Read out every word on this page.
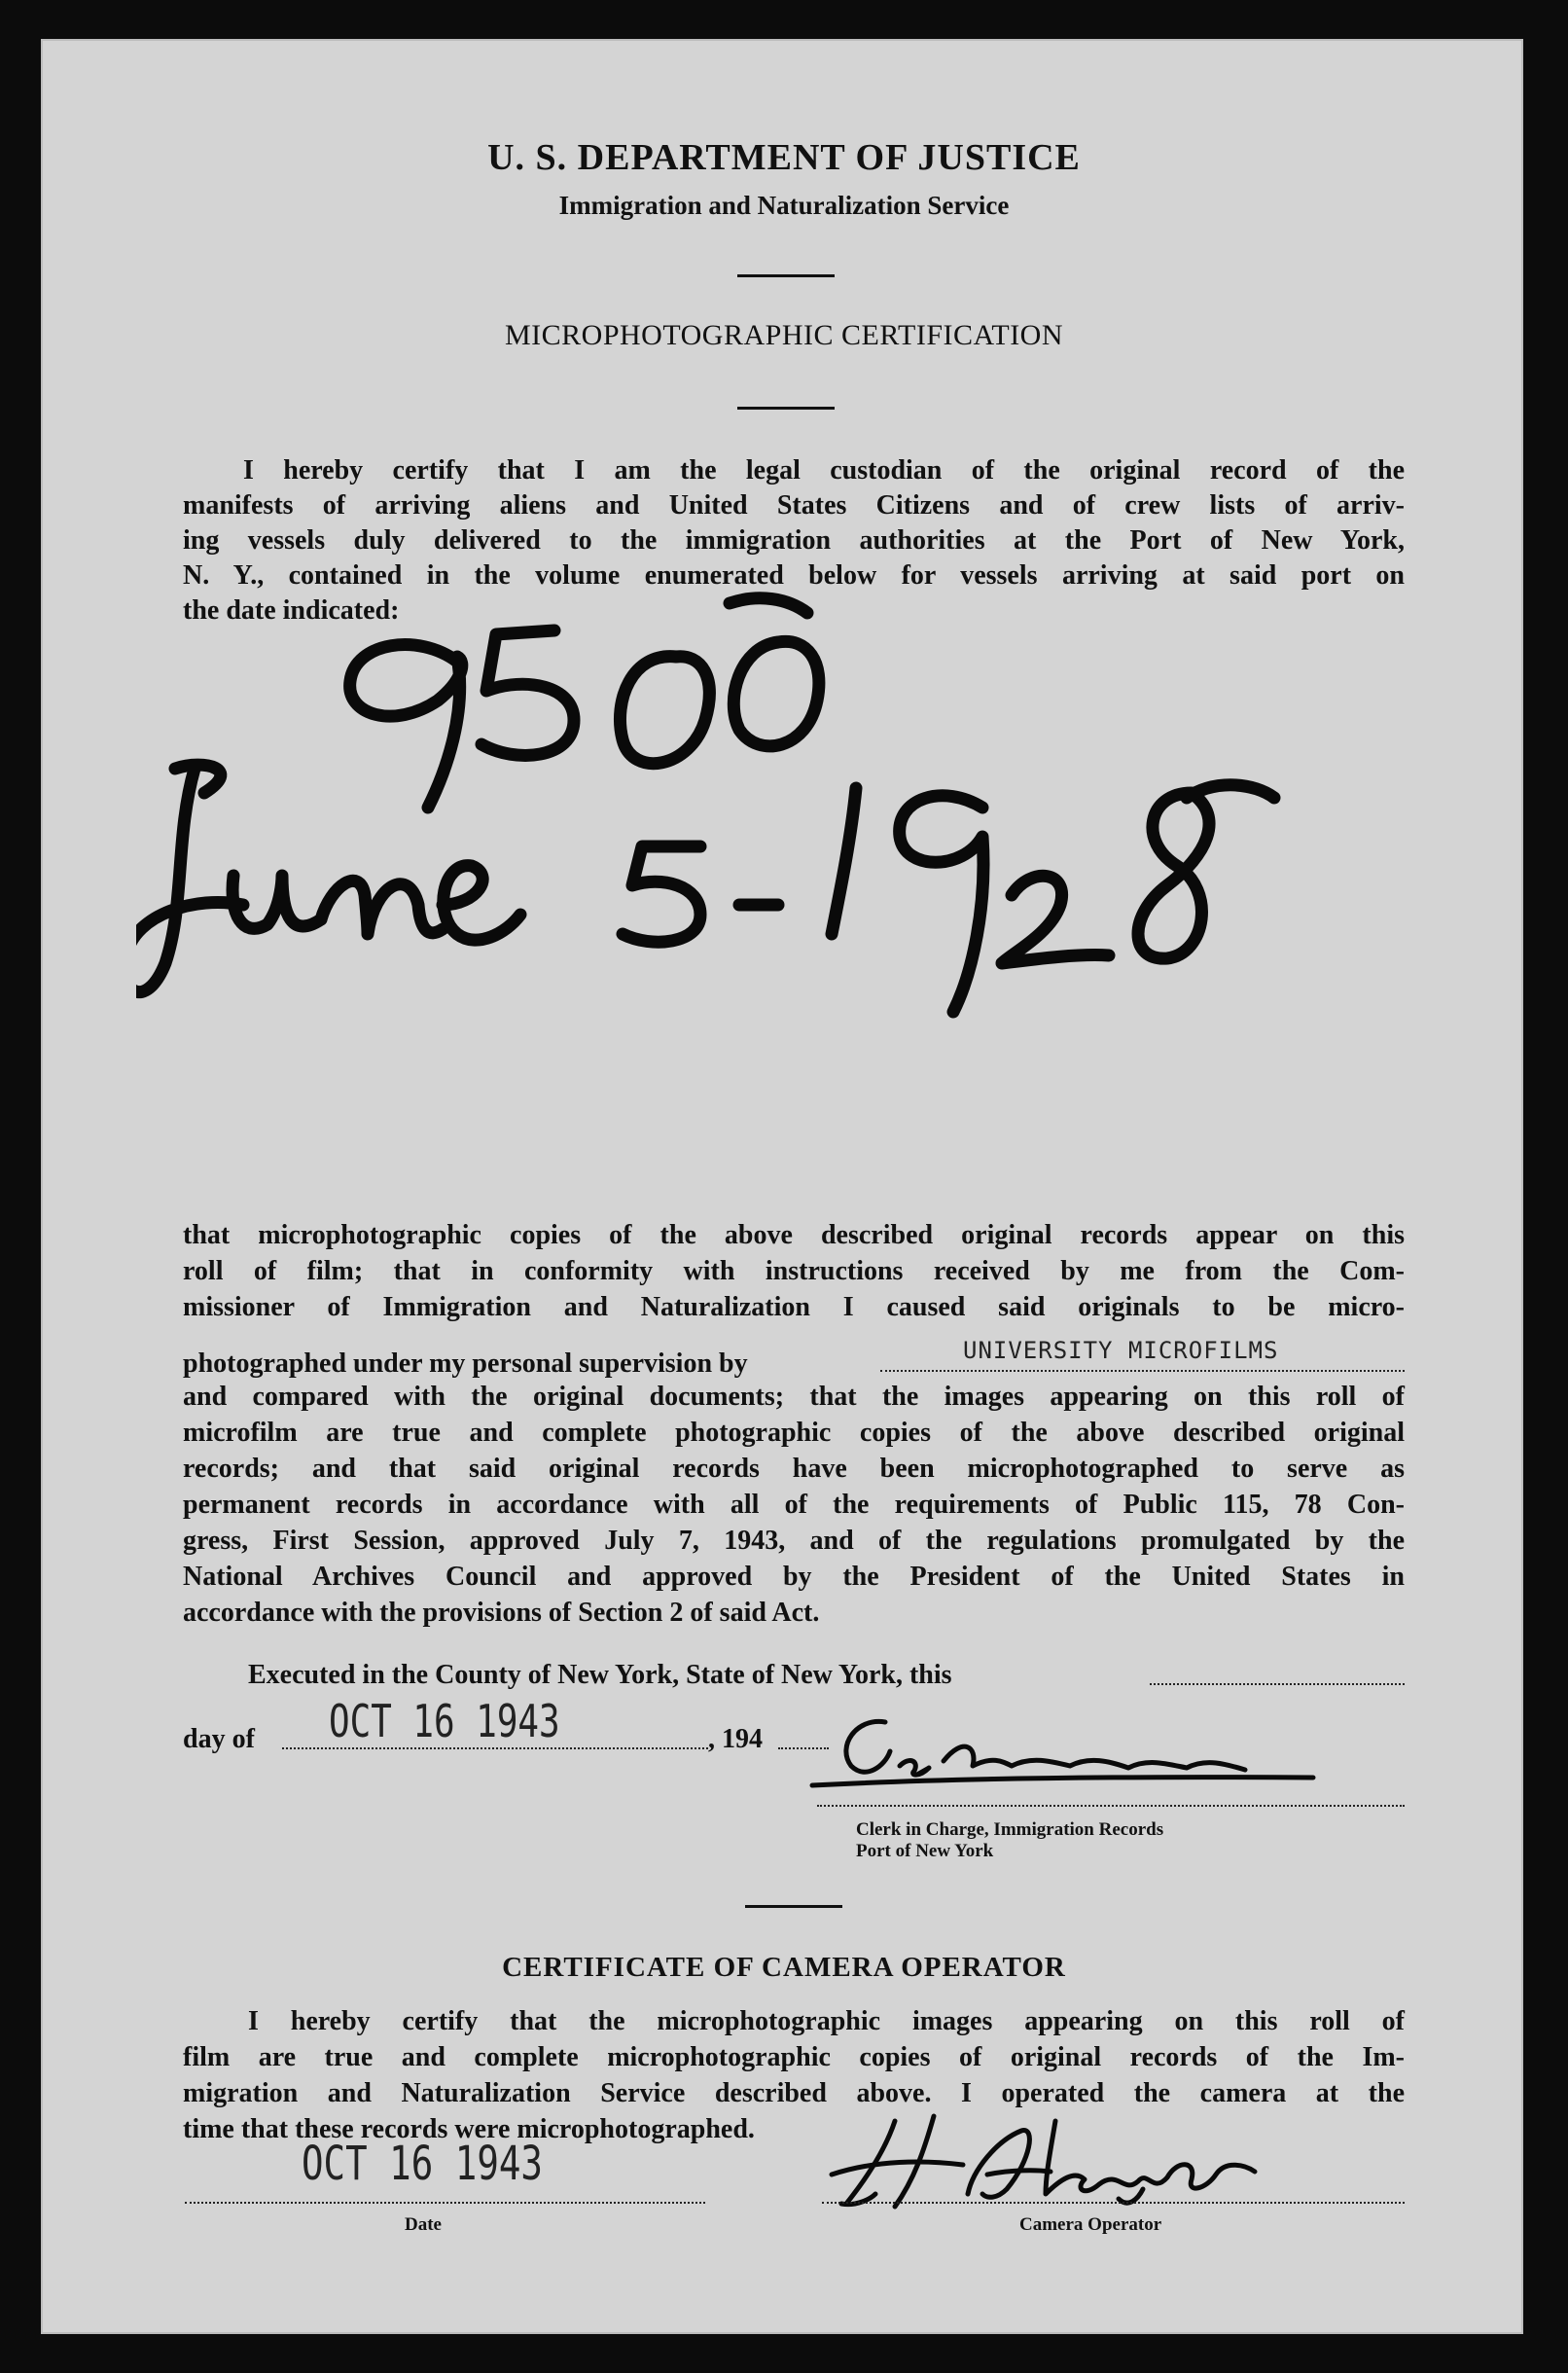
U. S. DEPARTMENT OF JUSTICE
Immigration and Naturalization Service
MICROPHOTOGRAPHIC CERTIFICATION
I hereby certify that I am the legal custodian of the original record of the
manifests of arriving aliens and United States Citizens and of crew lists of arriv-
ing vessels duly delivered to the immigration authorities at the Port of New York,
N. Y., contained in the volume enumerated below for vessels arriving at said port on
the date indicated:
that microphotographic copies of the above described original records appear on this
roll of film; that in conformity with instructions received by me from the Com-
missioner of Immigration and Naturalization I caused said originals to be micro-
photographed under my personal supervision by	UNIVERSITY MICROFILMS
and compared with the original documents; that the images appearing on this roll of
microfilm are true and complete photographic copies of the above described original
records; and that said original records have been microphotographed to serve as
permanent records in accordance with all of the requirements of Public 115, 78 Con-
gress, First Session, approved July 7, 1943, and of the regulations promulgated by the
National Archives Council and approved by the President of the United States in
accordance with the provisions of Section 2 of said Act.
Executed in the County of New York, State of New York, this
day of OCT 16 1943	, 194
Clerk in Charge, Immigration Records
Port of New York
CERTIFICATE OF CAMERA OPERATOR
I hereby certify that the microphotographic images appearing on this roll of
film are true and complete microphotographic copies of original records of the Im-
migration and Naturalization Service described above. I operated the camera at the
time that these records were microphotographed.
OCT 16 1943
Date	Camera Operator
